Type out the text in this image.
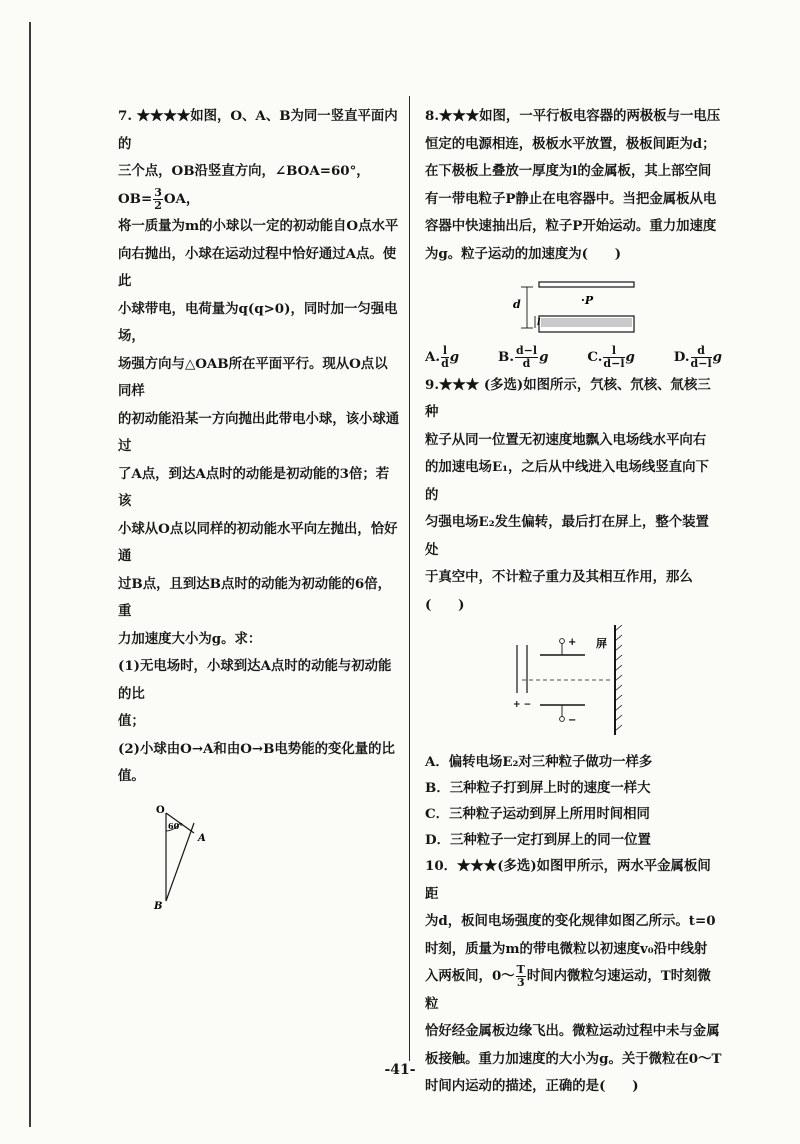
7. ★★★★如图，O、A、B为同一竖直平面内的

三个点，OB沿竖直方向，∠BOA=60°，$OB= \frac{3}{2}$ OA，

将一质量为m的小球以一定的初动能自O点水平

向右抛出，小球在运动过程中恰好通过A点。使此

小球带电，电荷量为q(q>0)，同时加一匀强电场，

场强方向与△OAB所在平面平行。现从O点以同样

的初动能沿某一方向抛出此带电小球，该小球通过

了A点，到达A点时的动能是初动能的3倍；若该

小球从O点以同样的初动能水平向左抛出，恰好通

过B点，且到达B点时的动能为初动能的6倍，重

力加速度大小为g。求：

(1)无电场时，小球到达A点时的动能与初动能的比

值；

(2)小球由O→A和由O→B电势能的变化量的比值。

O
A
B
60°

8.★★★如图，一平行板电容器的两极板与一电压

恒定的电源相连，极板水平放置，极板间距为d；

在下极板上叠放一厚度为l的金属板，其上部空间

有一带电粒子P静止在电容器中。当把金属板从电

容器中快速抽出后，粒子P开始运动。重力加速度

为g。粒子运动的加速度为(　　)

d
l
·P
A. $\frac{l}{d}$ g	B. $\frac{d-l}{d}$ g	C. $\frac{l}{d-l}$ g	D. $\frac{d}{d-l}$ g

9.★★★ (多选)如图所示，氕核、氘核、氚核三种

粒子从同一位置无初速度地飘入电场线水平向右

的加速电场E₁，之后从中线进入电场线竖直向下的

匀强电场E₂发生偏转，最后打在屏上，整个装置处

于真空中，不计粒子重力及其相互作用，那么(　　)

+
−
+ −
屏

A．偏转电场E₂对三种粒子做功一样多

B．三种粒子打到屏上时的速度一样大

C．三种粒子运动到屏上所用时间相同

D．三种粒子一定打到屏上的同一位置

10．★★★(多选)如图甲所示，两水平金属板间距

为d，板间电场强度的变化规律如图乙所示。t=0

时刻，质量为m的带电微粒以初速度v₀沿中线射

入两板间，0～ $\frac{T}{3}$ 时间内微粒匀速运动，T时刻微粒

恰好经金属板边缘飞出。微粒运动过程中未与金属

板接触。重力加速度的大小为g。关于微粒在0～T

时间内运动的描述，正确的是(　　)

-41-
